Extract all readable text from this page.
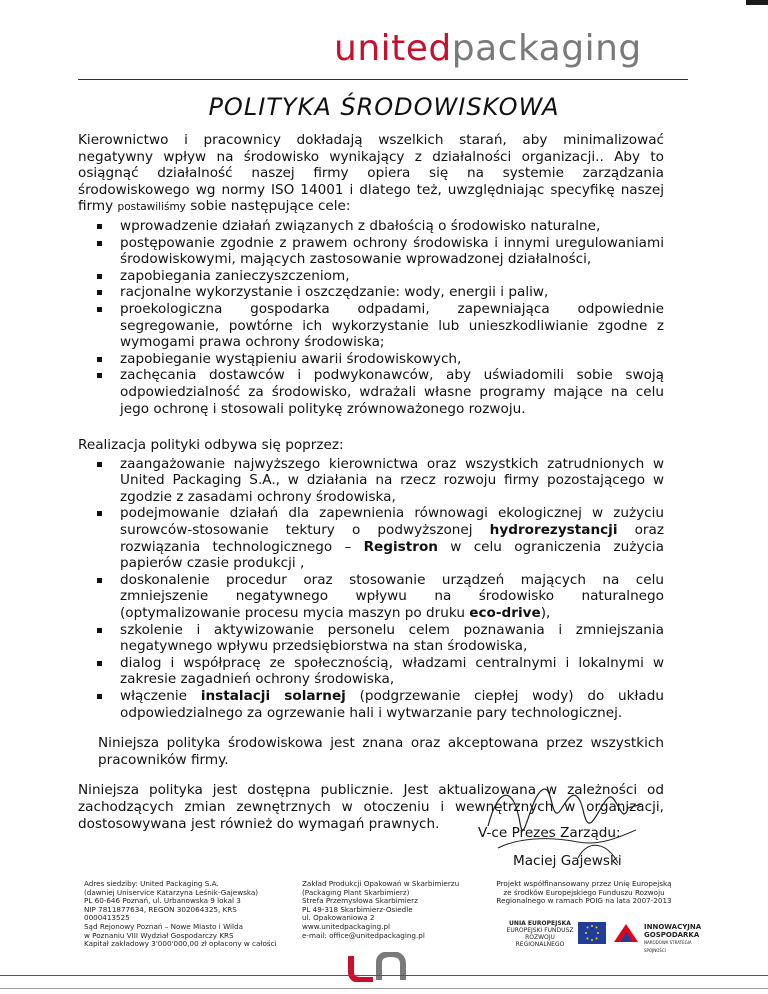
unitedpackaging
POLITYKA ŚRODOWISKOWA

Kierownictwo i pracownicy dokładają wszelkich starań, aby minimalizować negatywny wpływ na środowisko wynikający z działalności organizacji.. Aby to osiągnąć działalność naszej firmy opiera się na systemie zarządzania środowiskowego wg normy ISO 14001 i dlatego też, uwzględniając specyfikę naszej firmy postawiliśmy sobie następujące cele:

wprowadzenie działań związanych z dbałością o środowisko naturalne,
postępowanie zgodnie z prawem ochrony środowiska i innymi uregulowaniami środowiskowymi, mających zastosowanie wprowadzonej działalności,
zapobiegania zanieczyszczeniom,
racjonalne wykorzystanie i oszczędzanie: wody, energii i paliw,
proekologiczna gospodarka odpadami, zapewniająca odpowiednie segregowanie, powtórne ich wykorzystanie lub unieszkodliwianie zgodne z wymogami prawa ochrony środowiska;
zapobieganie wystąpieniu awarii środowiskowych,
zachęcania dostawców i podwykonawców, aby uświadomili sobie swoją odpowiedzialność za środowisko, wdrażali własne programy mające na celu jego ochronę i stosowali politykę zrównoważonego rozwoju.

Realizacja polityki odbywa się poprzez:

zaangażowanie najwyższego kierownictwa oraz wszystkich zatrudnionych w United Packaging S.A., w działania na rzecz rozwoju firmy pozostającego w zgodzie z zasadami ochrony środowiska,
podejmowanie działań dla zapewnienia równowagi ekologicznej w zużyciu surowców-stosowanie tektury o podwyższonej hydrorezystancji oraz rozwiązania technologicznego – Registron w celu ograniczenia zużycia papierów czasie produkcji ,
doskonalenie procedur oraz stosowanie urządzeń mających na celu zmniejszenie negatywnego wpływu na środowisko naturalnego (optymalizowanie procesu mycia maszyn po druku eco-drive),
szkolenie i aktywizowanie personelu celem poznawania i zmniejszania negatywnego wpływu przedsiębiorstwa na stan środowiska,
dialog i współpracę ze społecznością, władzami centralnymi i lokalnymi w zakresie zagadnień ochrony środowiska,
włączenie instalacji solarnej (podgrzewanie ciepłej wody) do układu odpowiedzialnego za ogrzewanie hali i wytwarzanie pary technologicznej.

Niniejsza polityka środowiskowa jest znana oraz akceptowana przez wszystkich pracowników firmy.

Niniejsza polityka jest dostępna publicznie. Jest aktualizowana w zależności od zachodzących zmian zewnętrznych w otoczeniu i wewnętrznych w organizacji, dostosowywana jest również do wymagań prawnych.

V-ce Prezes Zarządu:
Maciej Gajewski
Adres siedziby: United Packaging S.A.
(dawniej Uniservice Katarzyna Leśnik-Gajewska)
PL 60-646 Poznań, ul. Urbanowska 9 lokal 3
NIP 7811877634, REGON 302064325, KRS 0000413525
Sąd Rejonowy Poznań – Nowe Miasto i Wilda
w Poznaniu VIII Wydział Gospodarczy KRS
Kapitał zakładowy 3'000'000,00 zł opłacony w całości
Zakład Produkcji Opakowań w Skarbimierzu
(Packaging Plant Skarbimierz)
Strefa Przemysłowa Skarbimierz
PL 49-318 Skarbimierz-Osiedle
ul. Opakowaniowa 2
www.unitedpackaging.pl
e-mail: office@unitedpackaging.pl
Projekt współfinansowany przez Unię Europejską
ze środków Europejskiego Funduszu Rozwoju
Regionalnego w ramach POIG na lata 2007-2013
UNIA EUROPEJSKA
EUROPEJSKI FUNDUSZ
ROZWOJU REGIONALNEGO
INNOWACYJNA
GOSPODARKA
NARODOWA STRATEGIA SPÓJNOŚCI
